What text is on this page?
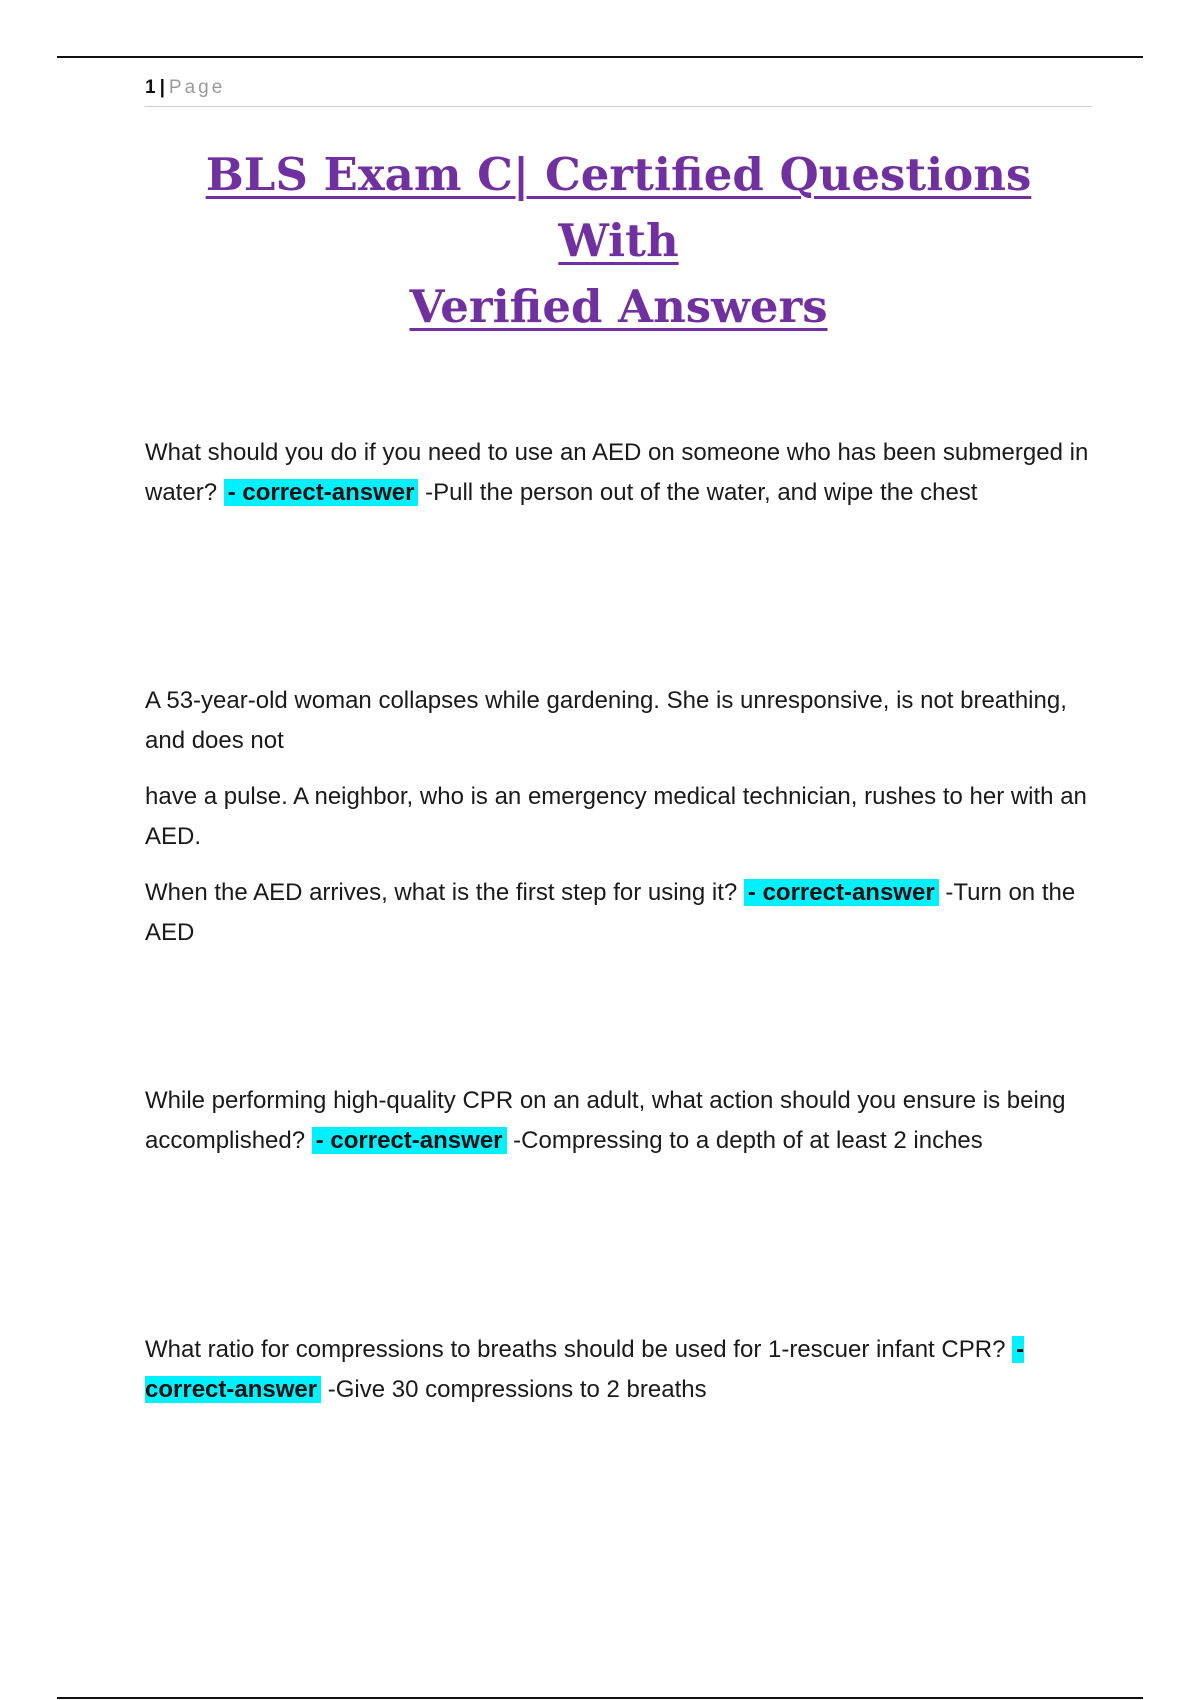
1 | Page
BLS Exam C| Certified Questions With
Verified Answers

What should you do if you need to use an AED on someone who has been submerged in water? - correct-answer -Pull the person out of the water, and wipe the chest

A 53-year-old woman collapses while gardening. She is unresponsive, is not breathing, and does not

have a pulse. A neighbor, who is an emergency medical technician, rushes to her with an AED.

When the AED arrives, what is the first step for using it? - correct-answer -Turn on the AED

While performing high-quality CPR on an adult, what action should you ensure is being accomplished? - correct-answer -Compressing to a depth of at least 2 inches

What ratio for compressions to breaths should be used for 1-rescuer infant CPR? - correct-answer -Give 30 compressions to 2 breaths
